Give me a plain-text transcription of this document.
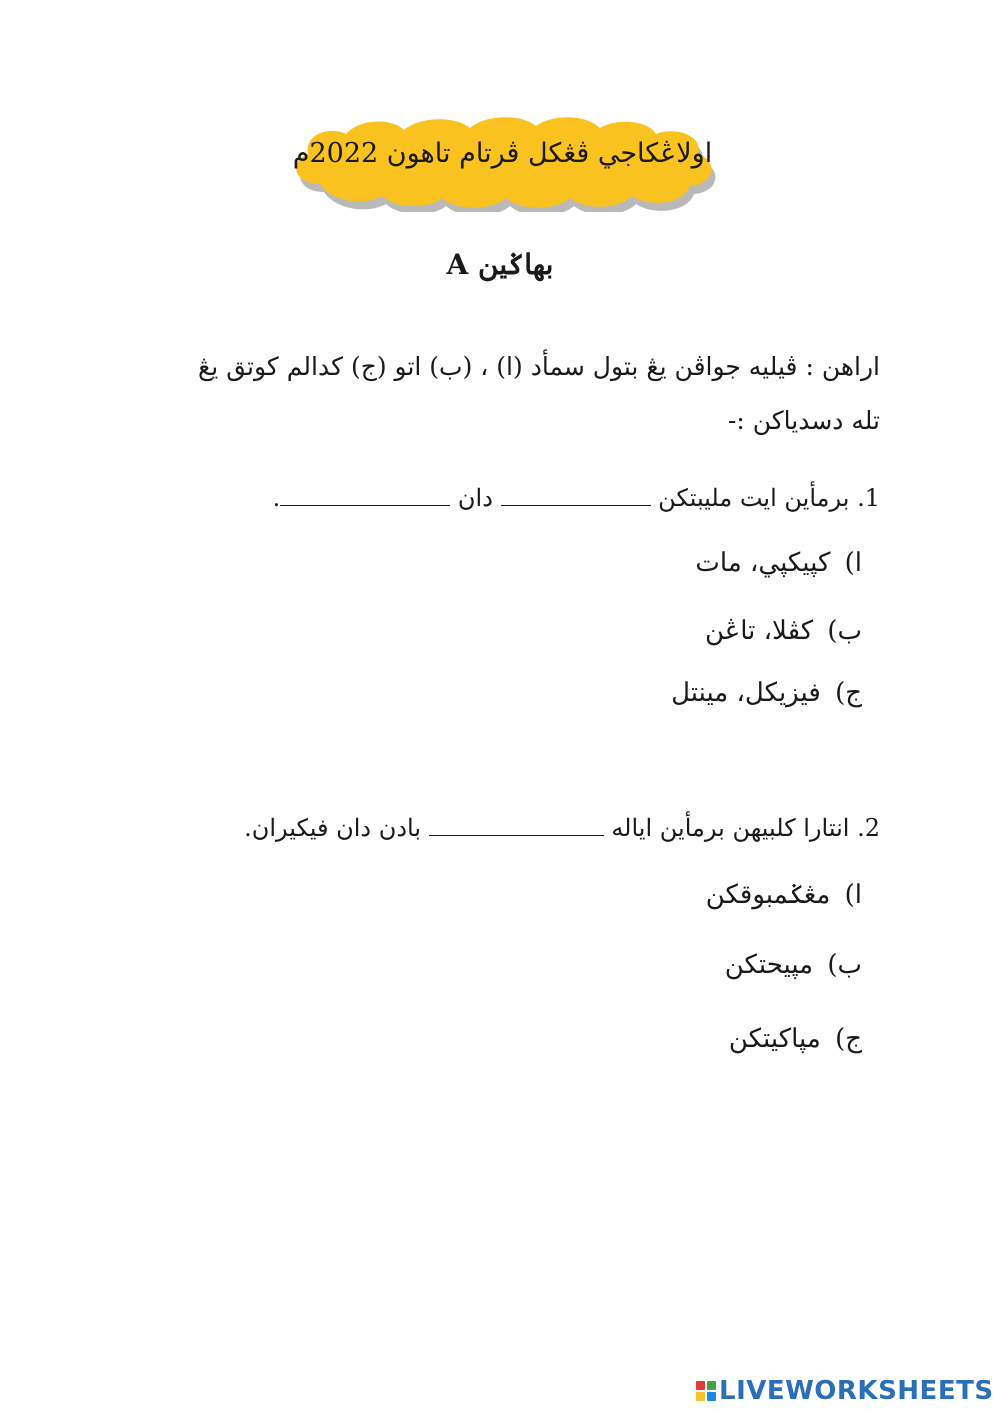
اولاڠكاجي ڤڠكل ڤرتام تاهون 2022م
بهاݢين A
اراهن : ڤيليه جواڤن يڠ بتول سمأد (ا) ، (ب) اتو (ج) كدالم كوتق يڠ تله دسدياكن :-
1. برمأين ايت مليبتكن  دان .
ا) كڽيكڽي، مات
ب) كڤلا، تاڠن
ج) فيزيكل، مينتل
2. انتارا كلبيهن برمأين اياله  بادن دان فيكيران.
ا) مڠݢمبوقكن
ب) مڽيحتكن
ج) مڽاكيتكن
LIVEWORKSHEETS
